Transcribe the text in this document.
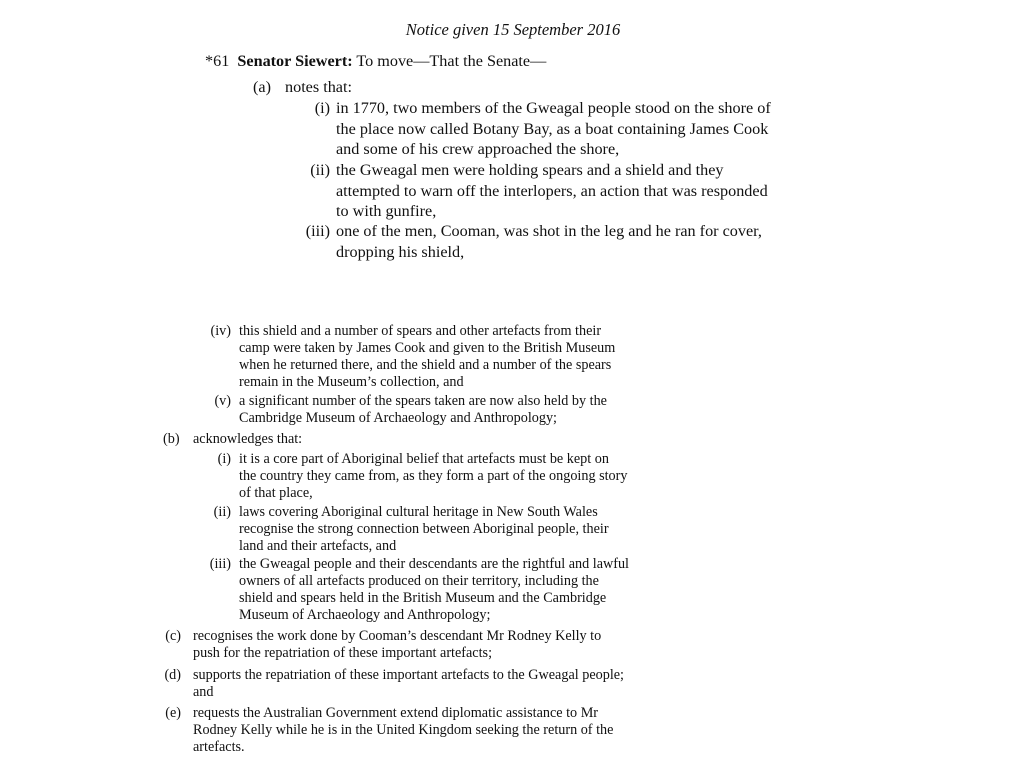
Notice given 15 September 2016
*61 Senator Siewert: To move—That the Senate—
(a) notes that:
(i) in 1770, two members of the Gweagal people stood on the shore of
the place now called Botany Bay, as a boat containing James Cook
and some of his crew approached the shore,
(ii) the Gweagal men were holding spears and a shield and they
attempted to warn off the interlopers, an action that was responded
to with gunfire,
(iii) one of the men, Cooman, was shot in the leg and he ran for cover,
dropping his shield,
(iv) this shield and a number of spears and other artefacts from their
camp were taken by James Cook and given to the British Museum
when he returned there, and the shield and a number of the spears
remain in the Museum’s collection, and
(v) a significant number of the spears taken are now also held by the
Cambridge Museum of Archaeology and Anthropology;
(b) acknowledges that:
(i) it is a core part of Aboriginal belief that artefacts must be kept on
the country they came from, as they form a part of the ongoing story
of that place,
(ii) laws covering Aboriginal cultural heritage in New South Wales
recognise the strong connection between Aboriginal people, their
land and their artefacts, and
(iii) the Gweagal people and their descendants are the rightful and lawful
owners of all artefacts produced on their territory, including the
shield and spears held in the British Museum and the Cambridge
Museum of Archaeology and Anthropology;
(c) recognises the work done by Cooman’s descendant Mr Rodney Kelly to
push for the repatriation of these important artefacts;
(d) supports the repatriation of these important artefacts to the Gweagal people;
and
(e) requests the Australian Government extend diplomatic assistance to Mr
Rodney Kelly while he is in the United Kingdom seeking the return of the
artefacts.
